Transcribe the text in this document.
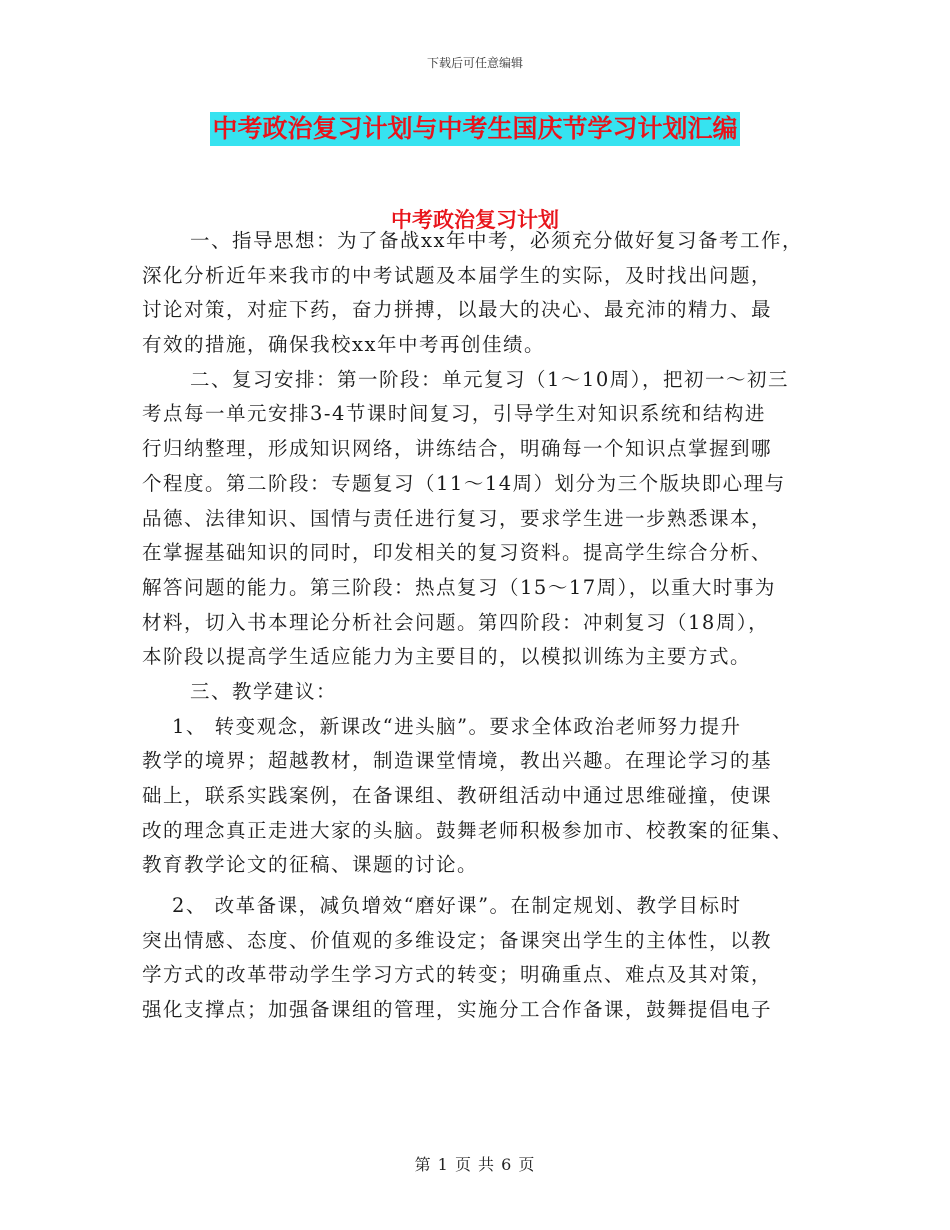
下载后可任意编辑
中考政治复习计划与中考生国庆节学习计划汇编
中考政治复习计划
一、指导思想：为了备战xx年中考，必须充分做好复习备考工作，
深化分析近年来我市的中考试题及本届学生的实际，及时找出问题，
讨论对策，对症下药，奋力拼搏，以最大的决心、最充沛的精力、最
有效的措施，确保我校xx年中考再创佳绩。
二、复习安排：第一阶段：单元复习（1～10周），把初一～初三
考点每一单元安排3-4节课时间复习，引导学生对知识系统和结构进
行归纳整理，形成知识网络，讲练结合，明确每一个知识点掌握到哪
个程度。第二阶段：专题复习（11～14周）划分为三个版块即心理与
品德、法律知识、国情与责任进行复习，要求学生进一步熟悉课本，
在掌握基础知识的同时，印发相关的复习资料。提高学生综合分析、
解答问题的能力。第三阶段：热点复习（15～17周），以重大时事为
材料，切入书本理论分析社会问题。第四阶段：冲刺复习（18周），
本阶段以提高学生适应能力为主要目的，以模拟训练为主要方式。
三、教学建议：
1、 转变观念，新课改“进头脑”。要求全体政治老师努力提升
教学的境界；超越教材，制造课堂情境，教出兴趣。在理论学习的基
础上，联系实践案例，在备课组、教研组活动中通过思维碰撞，使课
改的理念真正走进大家的头脑。鼓舞老师积极参加市、校教案的征集、
教育教学论文的征稿、课题的讨论。
2、 改革备课，减负增效“磨好课”。在制定规划、教学目标时
突出情感、态度、价值观的多维设定；备课突出学生的主体性，以教
学方式的改革带动学生学习方式的转变；明确重点、难点及其对策，
强化支撑点；加强备课组的管理，实施分工合作备课，鼓舞提倡电子
第 1 页 共 6 页
